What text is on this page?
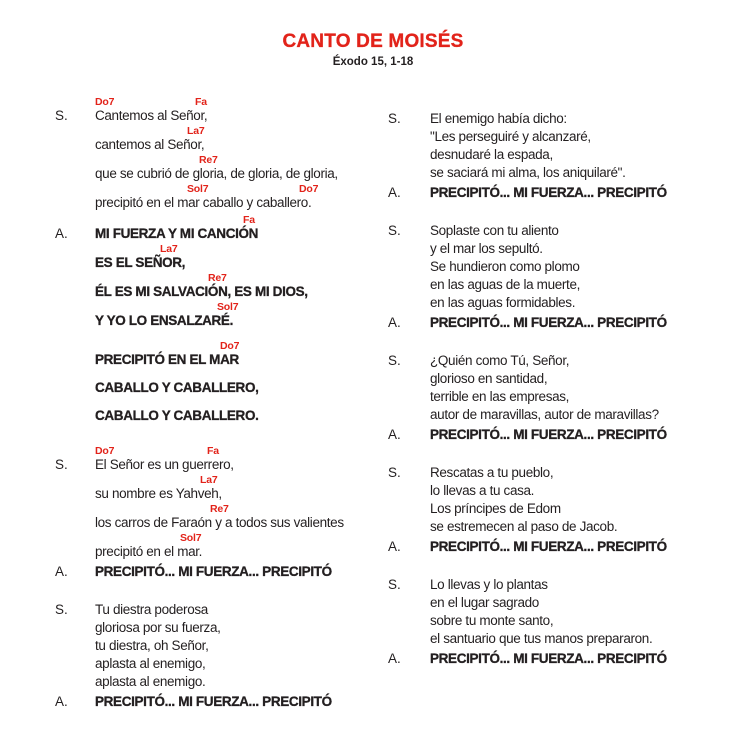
CANTO DE MOISÉS
Éxodo 15, 1-18
S.
Do7	Fa
Cantemos al Señor,
La7
cantemos al Señor,
Re7
que se cubrió de gloria, de gloria, de gloria,
Sol7	Do7
precipitó en el mar caballo y caballero.
A.
Fa
MI FUERZA Y MI CANCIÓN
La7
ES EL SEÑOR,
Re7
ÉL ES MI SALVACIÓN, ES MI DIOS,
Sol7
Y YO LO ENSALZARÉ.
Do7
PRECIPITÓ EN EL MAR
CABALLO Y CABALLERO,
CABALLO Y CABALLERO.
S.
Do7	Fa
El Señor es un guerrero,
La7
su nombre es Yahveh,
Re7
los carros de Faraón y a todos sus valientes
Sol7
precipitó en el mar.
A.	PRECIPITÓ... MI FUERZA... PRECIPITÓ
S.	Tu diestra poderosa
gloriosa por su fuerza,
tu diestra, oh Señor,
aplasta al enemigo,
aplasta al enemigo.
A.	PRECIPITÓ... MI FUERZA... PRECIPITÓ
S.	El enemigo había dicho:
"Les perseguiré y alcanzaré,
desnudaré la espada,
se saciará mi alma, los aniquilaré".
A.	PRECIPITÓ... MI FUERZA... PRECIPITÓ
S.	Soplaste con tu aliento
y el mar los sepultó.
Se hundieron como plomo
en las aguas de la muerte,
en las aguas formidables.
A.	PRECIPITÓ... MI FUERZA... PRECIPITÓ
S.	¿Quién como Tú, Señor,
glorioso en santidad,
terrible en las empresas,
autor de maravillas, autor de maravillas?
A.	PRECIPITÓ... MI FUERZA... PRECIPITÓ
S.	Rescatas a tu pueblo,
lo llevas a tu casa.
Los príncipes de Edom
se estremecen al paso de Jacob.
A.	PRECIPITÓ... MI FUERZA... PRECIPITÓ
S.	Lo llevas y lo plantas
en el lugar sagrado
sobre tu monte santo,
el santuario que tus manos prepararon.
A.	PRECIPITÓ... MI FUERZA... PRECIPITÓ
